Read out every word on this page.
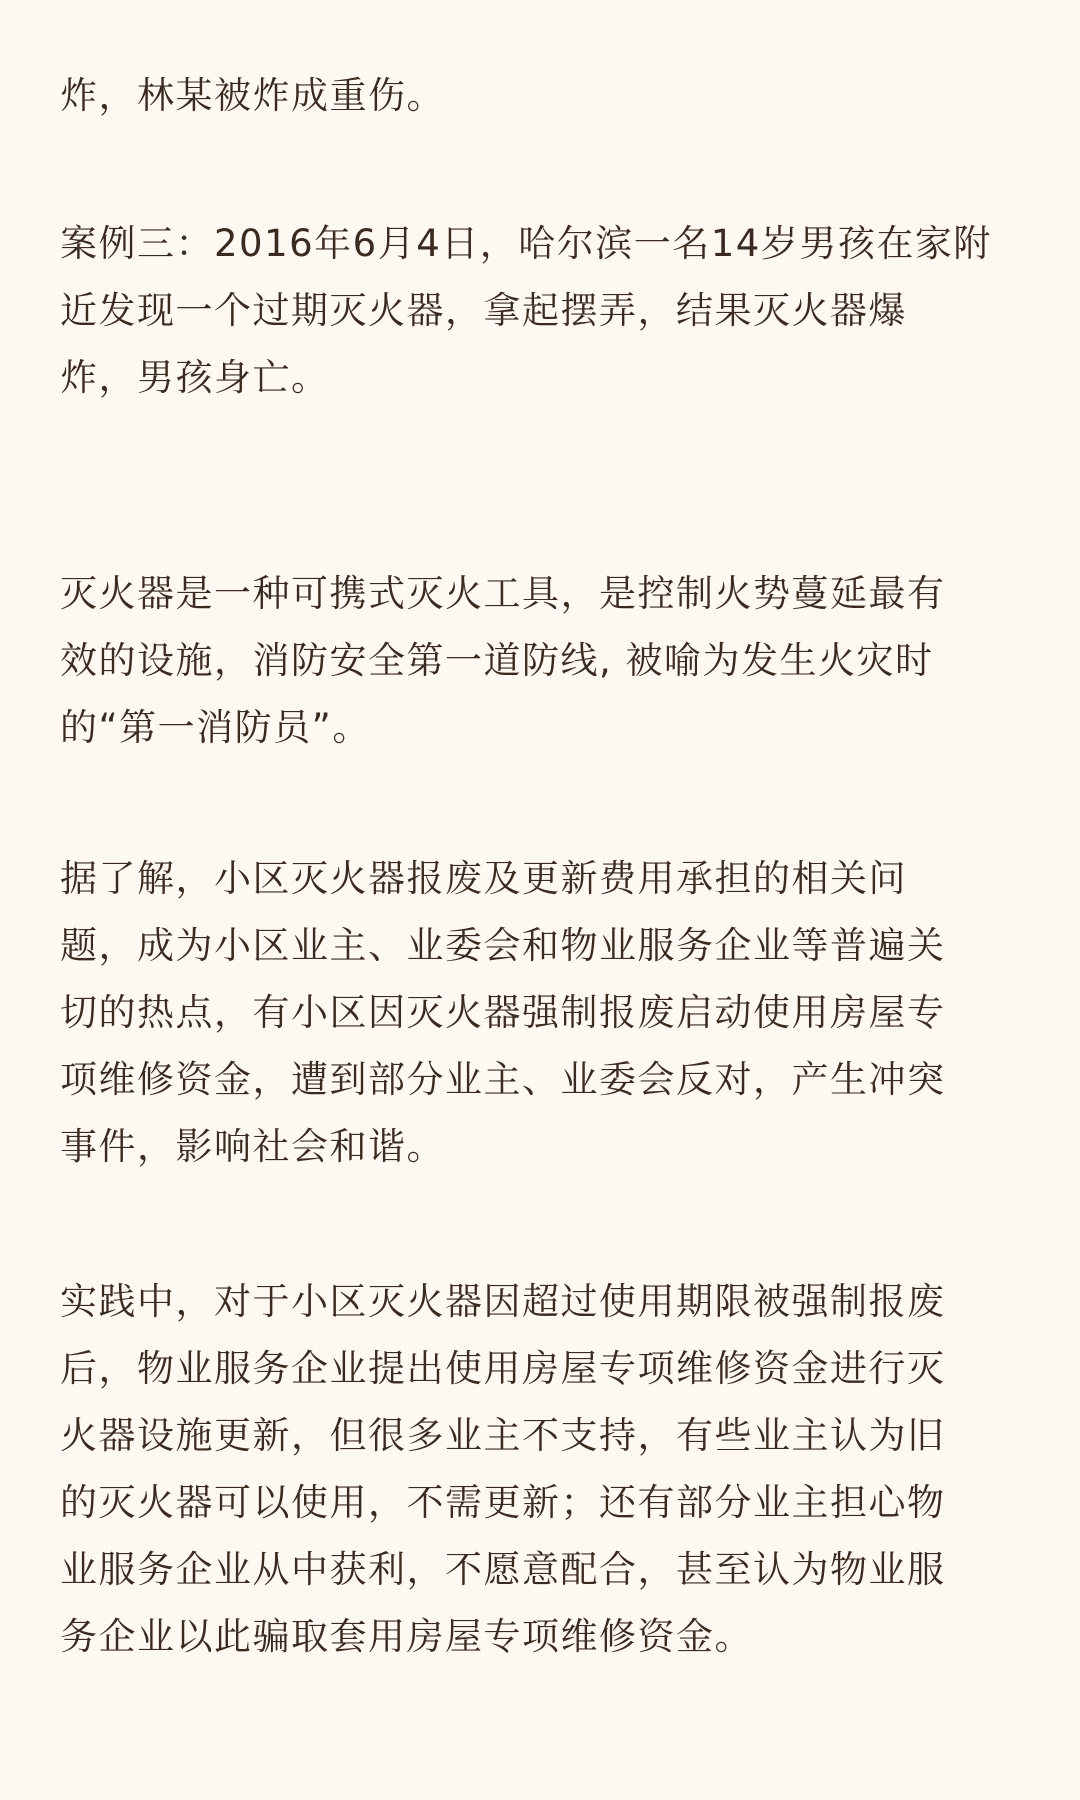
炸，林某被炸成重伤。

案例三：2016年6月4日，哈尔滨一名14岁男孩在家附
近发现一个过期灭火器，拿起摆弄，结果灭火器爆
炸，男孩身亡。

灭火器是一种可携式灭火工具，是控制火势蔓延最有
效的设施，消防安全第一道防线, 被喻为发生火灾时
的“第一消防员”。

据了解，小区灭火器报废及更新费用承担的相关问
题，成为小区业主、业委会和物业服务企业等普遍关
切的热点，有小区因灭火器强制报废启动使用房屋专
项维修资金，遭到部分业主、业委会反对，产生冲突
事件，影响社会和谐。

实践中，对于小区灭火器因超过使用期限被强制报废
后，物业服务企业提出使用房屋专项维修资金进行灭
火器设施更新，但很多业主不支持，有些业主认为旧
的灭火器可以使用，不需更新；还有部分业主担心物
业服务企业从中获利，不愿意配合，甚至认为物业服
务企业以此骗取套用房屋专项维修资金。
